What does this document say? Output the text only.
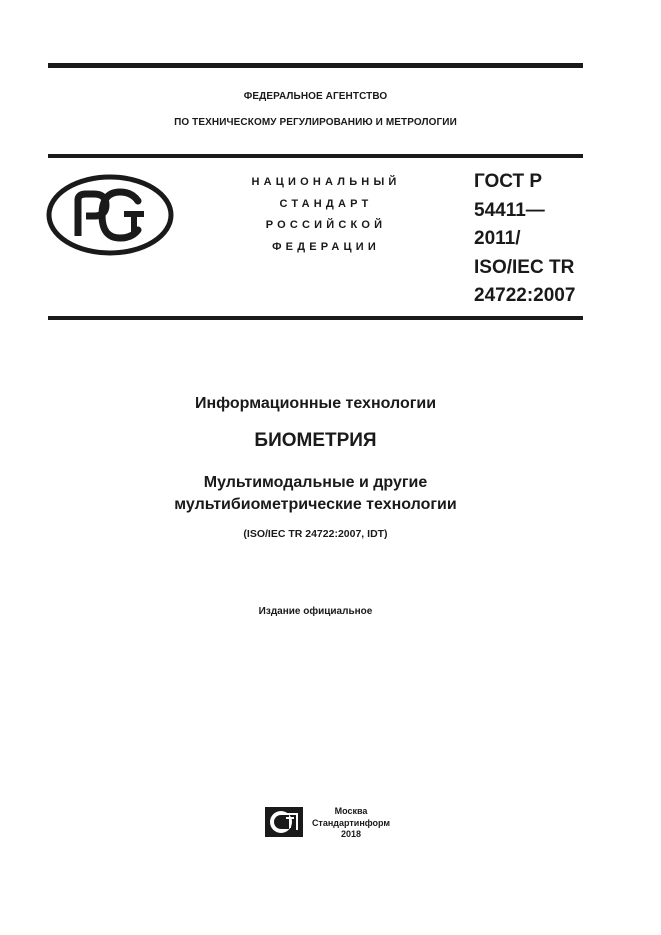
ФЕДЕРАЛЬНОЕ АГЕНТСТВО
ПО ТЕХНИЧЕСКОМУ РЕГУЛИРОВАНИЮ И МЕТРОЛОГИИ
НАЦИОНАЛЬНЫЙ
СТАНДАРТ
РОССИЙСКОЙ
ФЕДЕРАЦИИ
ГОСТ Р
54411—
2011/
ISO/IEC TR
24722:2007
Информационные технологии
БИОМЕТРИЯ
Мультимодальные и другие
мультибиометрические технологии
(ISO/IEC TR 24722:2007, IDT)
Издание официальное
Москва
Стандартинформ
2018
